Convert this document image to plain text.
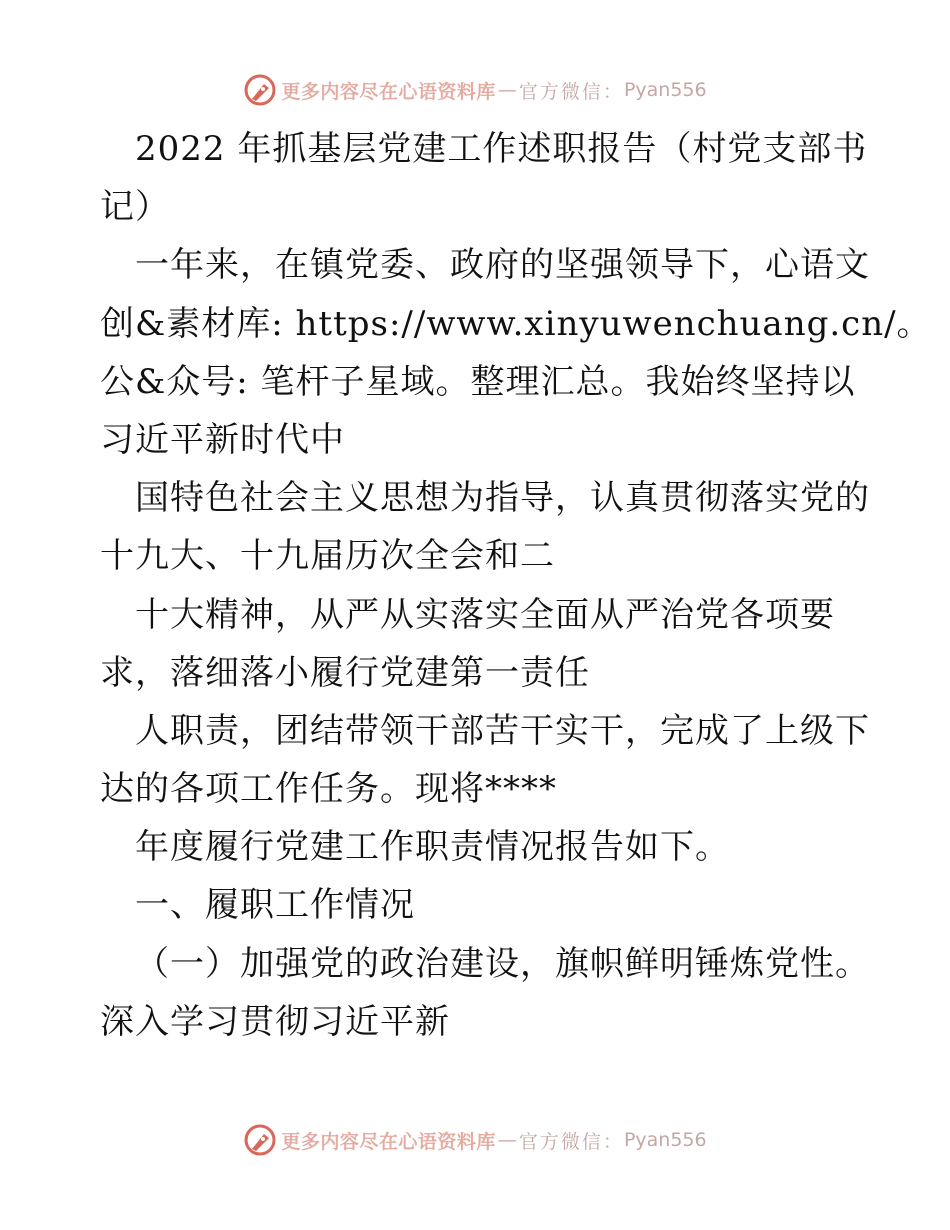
更多内容尽在心语资料库 — 官方微信： Pyan556
2022 年抓基层党建工作述职报告（村党支部书
记）
一年来，在镇党委、政府的坚强领导下，心语文
创&素材库: https://www.xinyuwenchuang.cn/。
公&众号: 笔杆子星域。整理汇总。我始终坚持以
习近平新时代中
国特色社会主义思想为指导，认真贯彻落实党的
十九大、十九届历次全会和二
十大精神，从严从实落实全面从严治党各项要
求，落细落小履行党建第一责任
人职责，团结带领干部苦干实干，完成了上级下
达的各项工作任务。现将****
年度履行党建工作职责情况报告如下。
一、履职工作情况
（一）加强党的政治建设，旗帜鲜明锤炼党性。
深入学习贯彻习近平新
更多内容尽在心语资料库 — 官方微信： Pyan556
